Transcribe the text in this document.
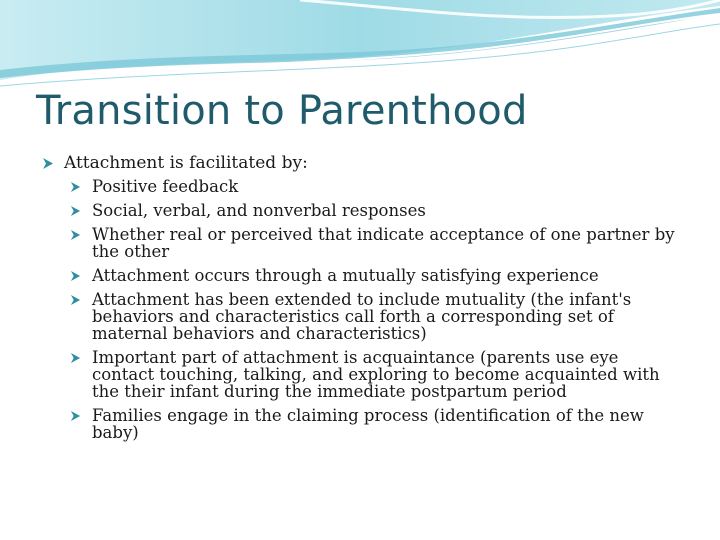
Transition to Parenthood
Attachment is facilitated by:
Positive feedback
Social, verbal, and nonverbal responses
Whether real or perceived that indicate acceptance of one partner by the other
Attachment occurs through a mutually satisfying experience
Attachment has been extended to include mutuality (the infant's behaviors and characteristics call forth a corresponding set of maternal behaviors and characteristics)
Important part of attachment is acquaintance (parents use eye contact touching, talking, and exploring to become acquainted with the their infant during the immediate postpartum period
Families engage in the claiming process (identification of the new baby)
